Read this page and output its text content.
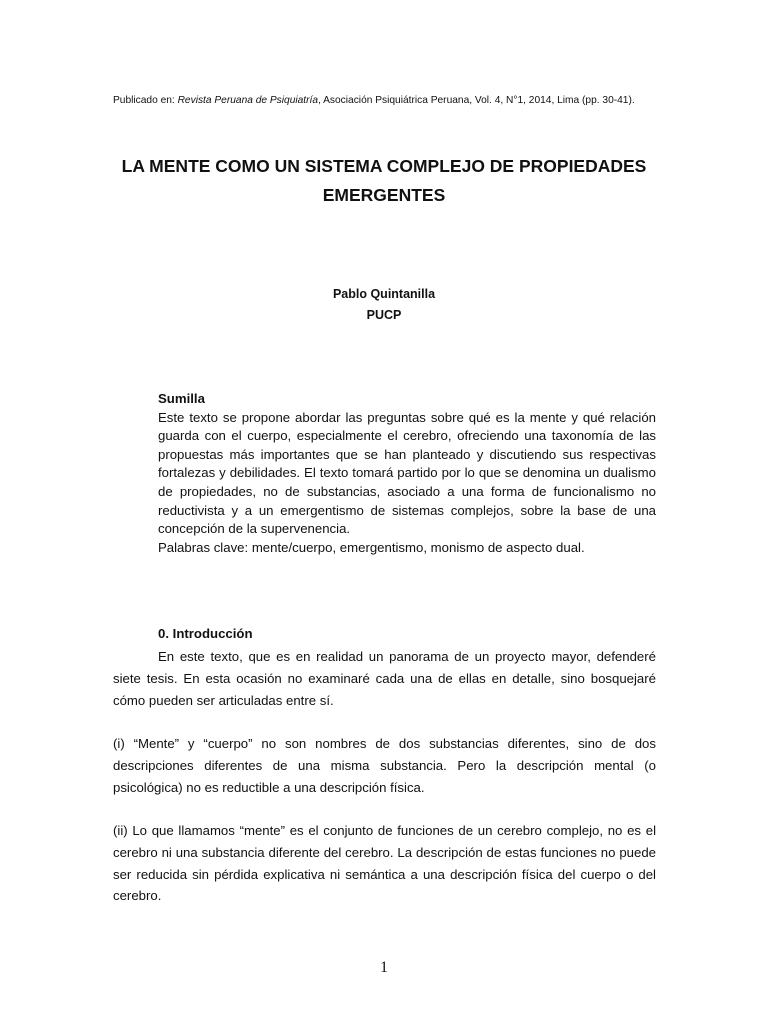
Publicado en: Revista Peruana de Psiquiatría, Asociación Psiquiátrica Peruana, Vol. 4, N°1, 2014, Lima (pp. 30-41).
LA MENTE COMO UN SISTEMA COMPLEJO DE PROPIEDADES
EMERGENTES
Pablo Quintanilla
PUCP

Sumilla

Este texto se propone abordar las preguntas sobre qué es la mente y qué relación guarda con el cuerpo, especialmente el cerebro, ofreciendo una taxonomía de las propuestas más importantes que se han planteado y discutiendo sus respectivas fortalezas y debilidades. El texto tomará partido por lo que se denomina un dualismo de propiedades, no de substancias, asociado a una forma de funcionalismo no reductivista y a un emergentismo de sistemas complejos, sobre la base de una concepción de la supervenencia.

Palabras clave: mente/cuerpo, emergentismo, monismo de aspecto dual.

0. Introducción

En este texto, que es en realidad un panorama de un proyecto mayor, defenderé siete tesis. En esta ocasión no examinaré cada una de ellas en detalle, sino bosquejaré cómo pueden ser articuladas entre sí.

(i) “Mente” y “cuerpo” no son nombres de dos substancias diferentes, sino de dos descripciones diferentes de una misma substancia. Pero la descripción mental (o psicológica) no es reductible a una descripción física.

(ii) Lo que llamamos “mente” es el conjunto de funciones de un cerebro complejo, no es el cerebro ni una substancia diferente del cerebro. La descripción de estas funciones no puede ser reducida sin pérdida explicativa ni semántica a una descripción física del cuerpo o del cerebro.

1
